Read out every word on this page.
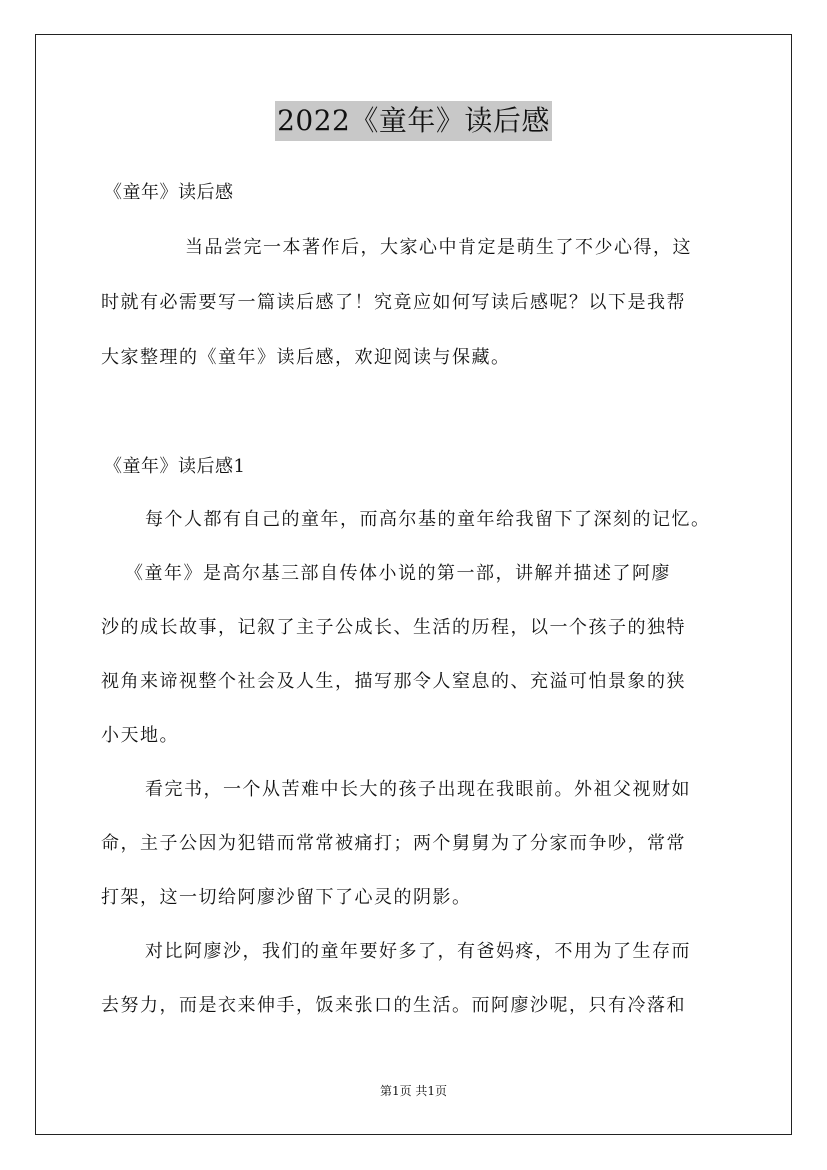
2022《童年》读后感
《童年》读后感
当品尝完一本著作后，大家心中肯定是萌生了不少心得，这
时就有必需要写一篇读后感了！究竟应如何写读后感呢？以下是我帮
大家整理的《童年》读后感，欢迎阅读与保藏。
《童年》读后感1
每个人都有自己的童年，而高尔基的童年给我留下了深刻的记忆。
《童年》是高尔基三部自传体小说的第一部，讲解并描述了阿廖
沙的成长故事，记叙了主子公成长、生活的历程，以一个孩子的独特
视角来谛视整个社会及人生，描写那令人窒息的、充溢可怕景象的狭
小天地。
看完书，一个从苦难中长大的孩子出现在我眼前。外祖父视财如
命，主子公因为犯错而常常被痛打；两个舅舅为了分家而争吵，常常
打架，这一切给阿廖沙留下了心灵的阴影。
对比阿廖沙，我们的童年要好多了，有爸妈疼，不用为了生存而
去努力，而是衣来伸手，饭来张口的生活。而阿廖沙呢，只有冷落和
第1页 共1页
